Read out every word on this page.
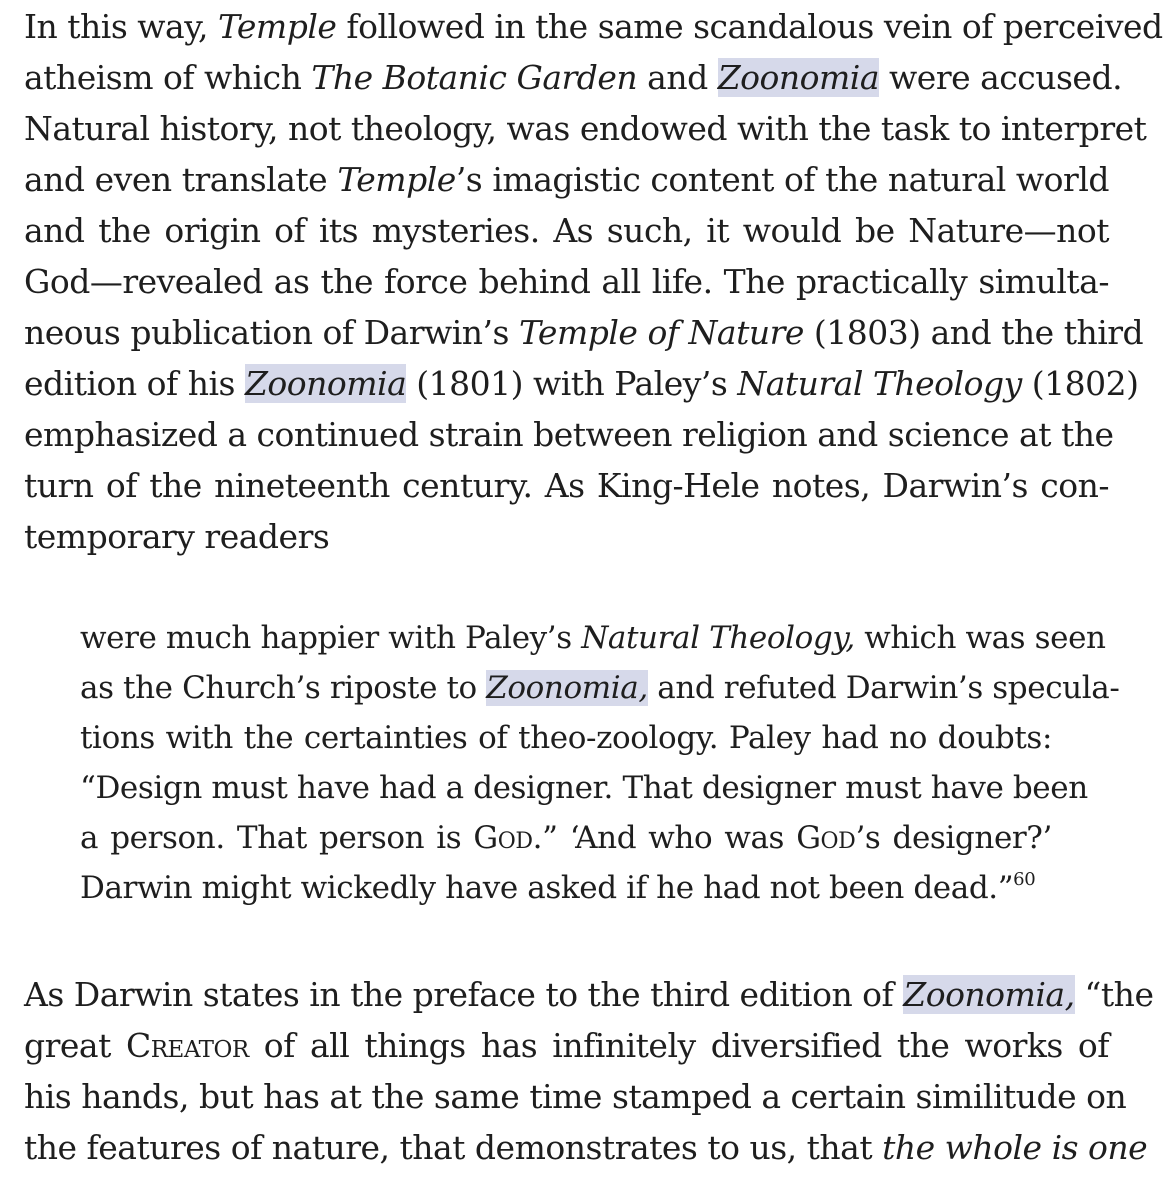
In this way, Temple followed in the same scandalous vein of perceived
atheism of which The Botanic Garden and Zoonomia were accused.
Natural history, not theology, was endowed with the task to interpret
and even translate Temple’s imagistic content of the natural world
and the origin of its mysteries. As such, it would be Nature—not
God—revealed as the force behind all life. The practically simulta-
neous publication of Darwin’s Temple of Nature (1803) and the third
edition of his Zoonomia (1801) with Paley’s Natural Theology (1802)
emphasized a continued strain between religion and science at the
turn of the nineteenth century. As King-Hele notes, Darwin’s con-
temporary readers
were much happier with Paley’s Natural Theology, which was seen
as the Church’s riposte to Zoonomia, and refuted Darwin’s specula-
tions with the certainties of theo-zoology. Paley had no doubts:
“Design must have had a designer. That designer must have been
a person. That person is God.” ‘And who was God’s designer?’
Darwin might wickedly have asked if he had not been dead.”$^{60}$
As Darwin states in the preface to the third edition of Zoonomia, “the
great Creator of all things has infinitely diversified the works of
his hands, but has at the same time stamped a certain similitude on
the features of nature, that demonstrates to us, that the whole is one
